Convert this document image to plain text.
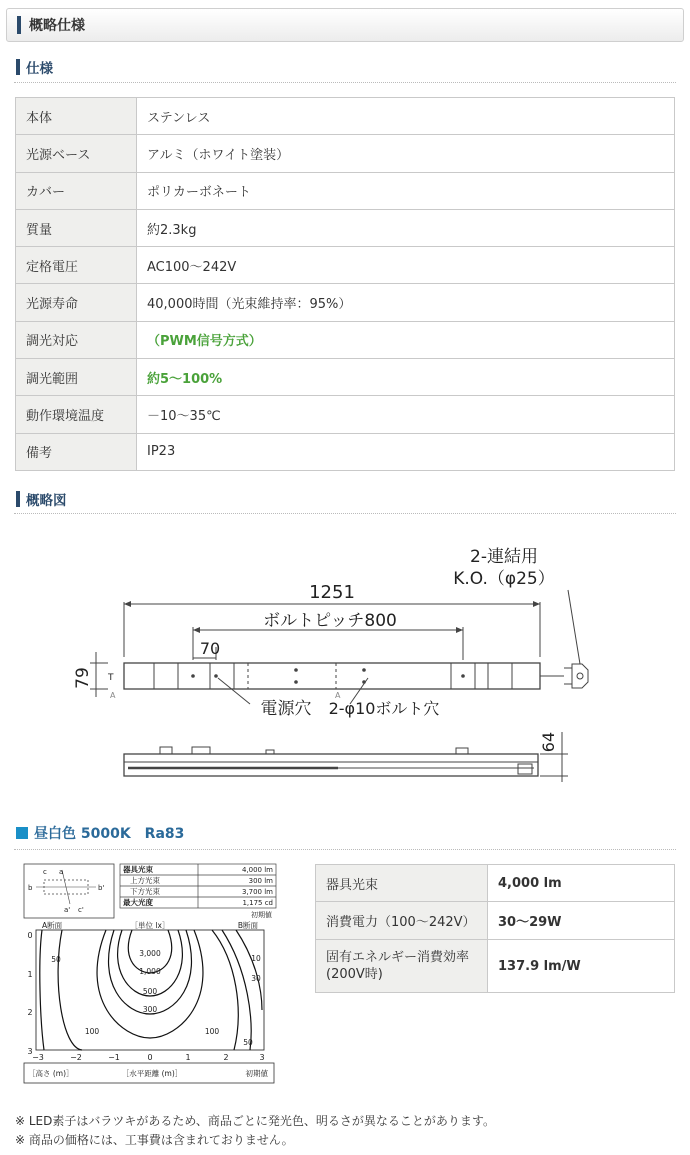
概略仕様
仕様
本体	ステンレス
光源ベース	アルミ（ホワイト塗装）
カバー	ポリカーボネート
質量	約2.3kg
定格電圧	AC100～242V
光源寿命	40,000時間（光束維持率：95%）
調光対応	（PWM信号方式）
調光範囲	約5～100%
動作環境温度	－10～35℃
備考	IP23
概略図
1251
ボルトピッチ800
79
70
電源穴 2-φ10ボルト穴
2-連結用
K.O.（φ25）
64
T
A	A
昼白色 5000K　Ra83
c a
b	b'
a' c'
器具光束	4,000 lm
上方光束	300 lm
下方光束	3,700 lm
最大光度	1,175 cd
初期値
A断面	［単位 lx］	B断面
3,000
1,000
500
300
100
50
100
50
10
30
0
1
2
3
−3	−2	−1	0	1	2	3
［高さ (m)］	［水平距離 (m)］	初期値
器具光束	4,000 lm
消費電力（100～242V）	30～29W
固有エネルギー消費効率
(200V時)	137.9 lm/W
※ LED素子はバラツキがあるため、商品ごとに発光色、明るさが異なることがあります。
※ 商品の価格には、工事費は含まれておりません。
